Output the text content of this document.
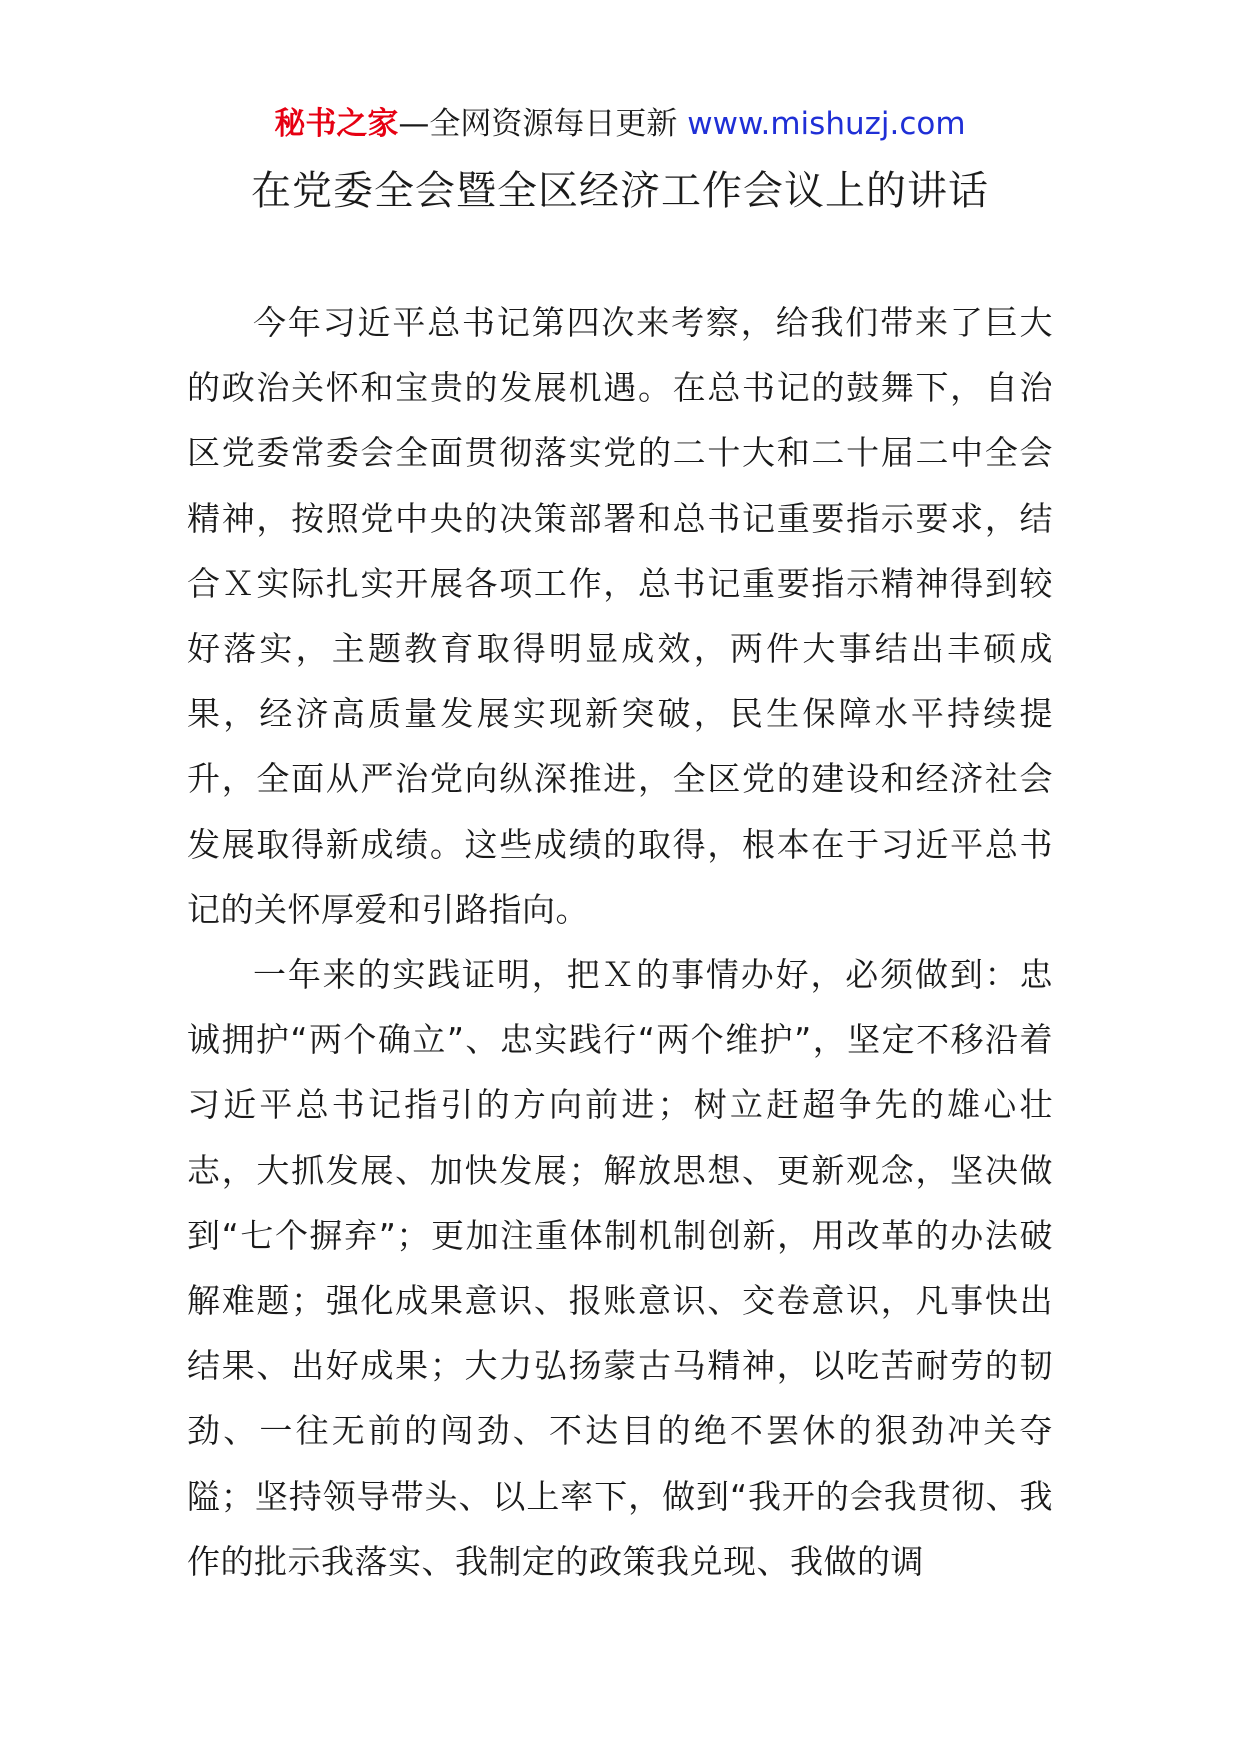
秘书之家—全网资源每日更新 www.mishuzj.com
在党委全会暨全区经济工作会议上的讲话

今年习近平总书记第四次来考察，给我们带来了巨大的政治关怀和宝贵的发展机遇。在总书记的鼓舞下，自治区党委常委会全面贯彻落实党的二十大和二十届二中全会精神，按照党中央的决策部署和总书记重要指示要求，结合Ｘ实际扎实开展各项工作，总书记重要指示精神得到较好落实，主题教育取得明显成效，两件大事结出丰硕成果，经济高质量发展实现新突破，民生保障水平持续提升，全面从严治党向纵深推进，全区党的建设和经济社会发展取得新成绩。这些成绩的取得，根本在于习近平总书记的关怀厚爱和引路指向。

一年来的实践证明，把Ｘ的事情办好，必须做到：忠诚拥护“两个确立”、忠实践行“两个维护”，坚定不移沿着习近平总书记指引的方向前进；树立赶超争先的雄心壮志，大抓发展、加快发展；解放思想、更新观念，坚决做到“七个摒弃”；更加注重体制机制创新，用改革的办法破解难题；强化成果意识、报账意识、交卷意识，凡事快出结果、出好成果；大力弘扬蒙古马精神，以吃苦耐劳的韧劲、一往无前的闯劲、不达目的绝不罢休的狠劲冲关夺隘；坚持领导带头、以上率下，做到“我开的会我贯彻、我作的批示我落实、我制定的政策我兑现、我做的调
